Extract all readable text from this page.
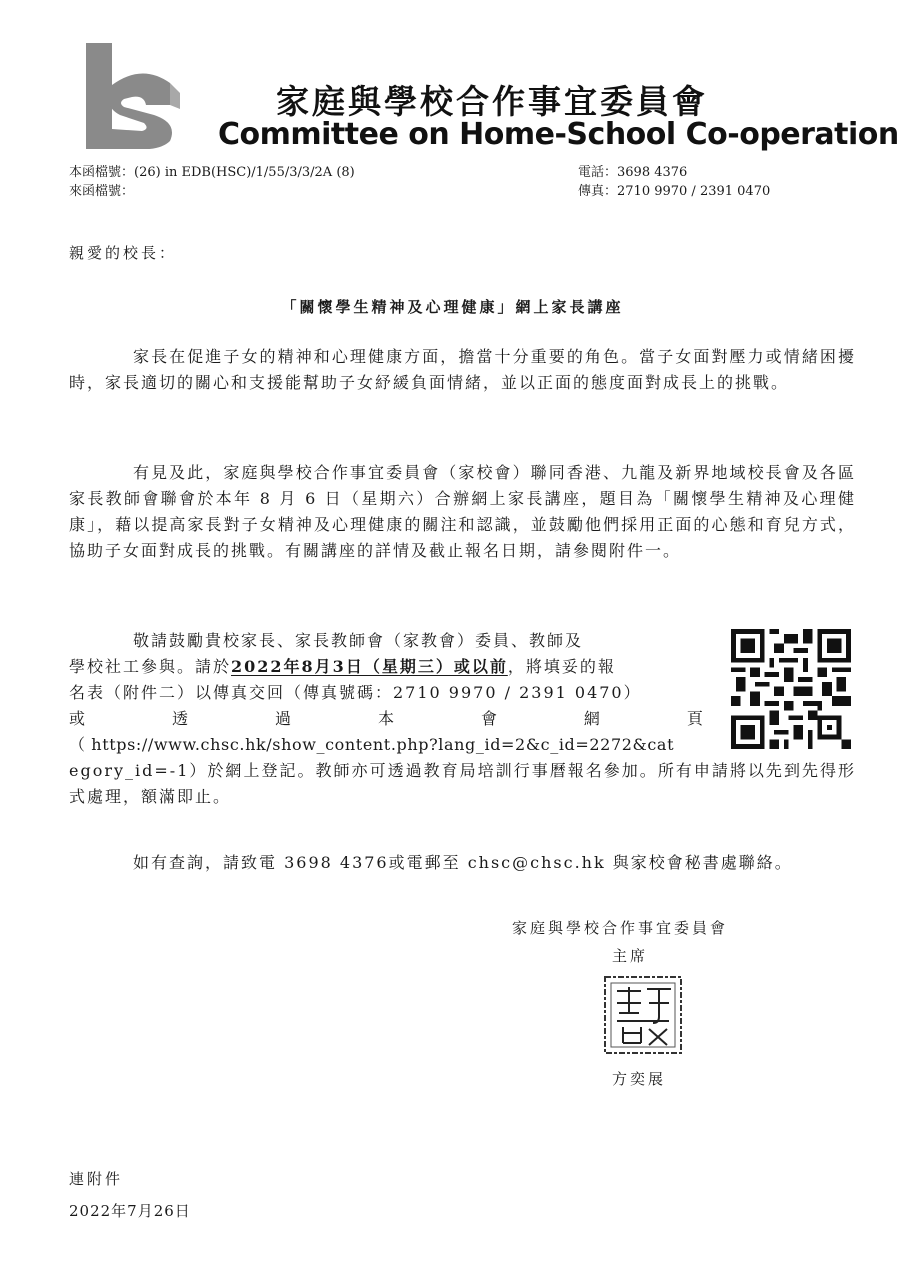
家庭與學校合作事宜委員會
Committee on Home-School Co-operation
本函檔號：(26) in EDB(HSC)/1/55/3/3/2A (8)
來函檔號：
電話：3698 4376
傳真：2710 9970 / 2391 0470
親愛的校長：
「關懷學生精神及心理健康」網上家長講座
家長在促進子女的精神和心理健康方面，擔當十分重要的角色。當子女面對壓力或情緒困擾時，家長適切的關心和支援能幫助子女紓緩負面情緒，並以正面的態度面對成長上的挑戰。
有見及此，家庭與學校合作事宜委員會（家校會）聯同香港、九龍及新界地域校長會及各區家長教師會聯會於本年 8 月 6 日（星期六）合辦網上家長講座，題目為「關懷學生精神及心理健康」，藉以提高家長對子女精神及心理健康的關注和認識，並鼓勵他們採用正面的心態和育兒方式，協助子女面對成長的挑戰。有關講座的詳情及截止報名日期，請參閱附件一。
敬請鼓勵貴校家長、家長教師會（家教會）委員、教師及
學校社工參與。請於2022年8月3日（星期三）或以前，將填妥的報
名表（附件二）以傳真交回（傳真號碼：2710 9970 / 2391 0470）
或	透	過	本	會	網	頁
（ https://www.chsc.hk/show_content.php?lang_id=2&c_id=2272&cat
egory_id=-1）於網上登記。教師亦可透過教育局培訓行事曆報名參加。所有申請將以先到先得形式處理，額滿即止。
如有查詢，請致電 3698 4376或電郵至 chsc@chsc.hk 與家校會秘書處聯絡。
家庭與學校合作事宜委員會
主席
方奕展
連附件
2022年7月26日
